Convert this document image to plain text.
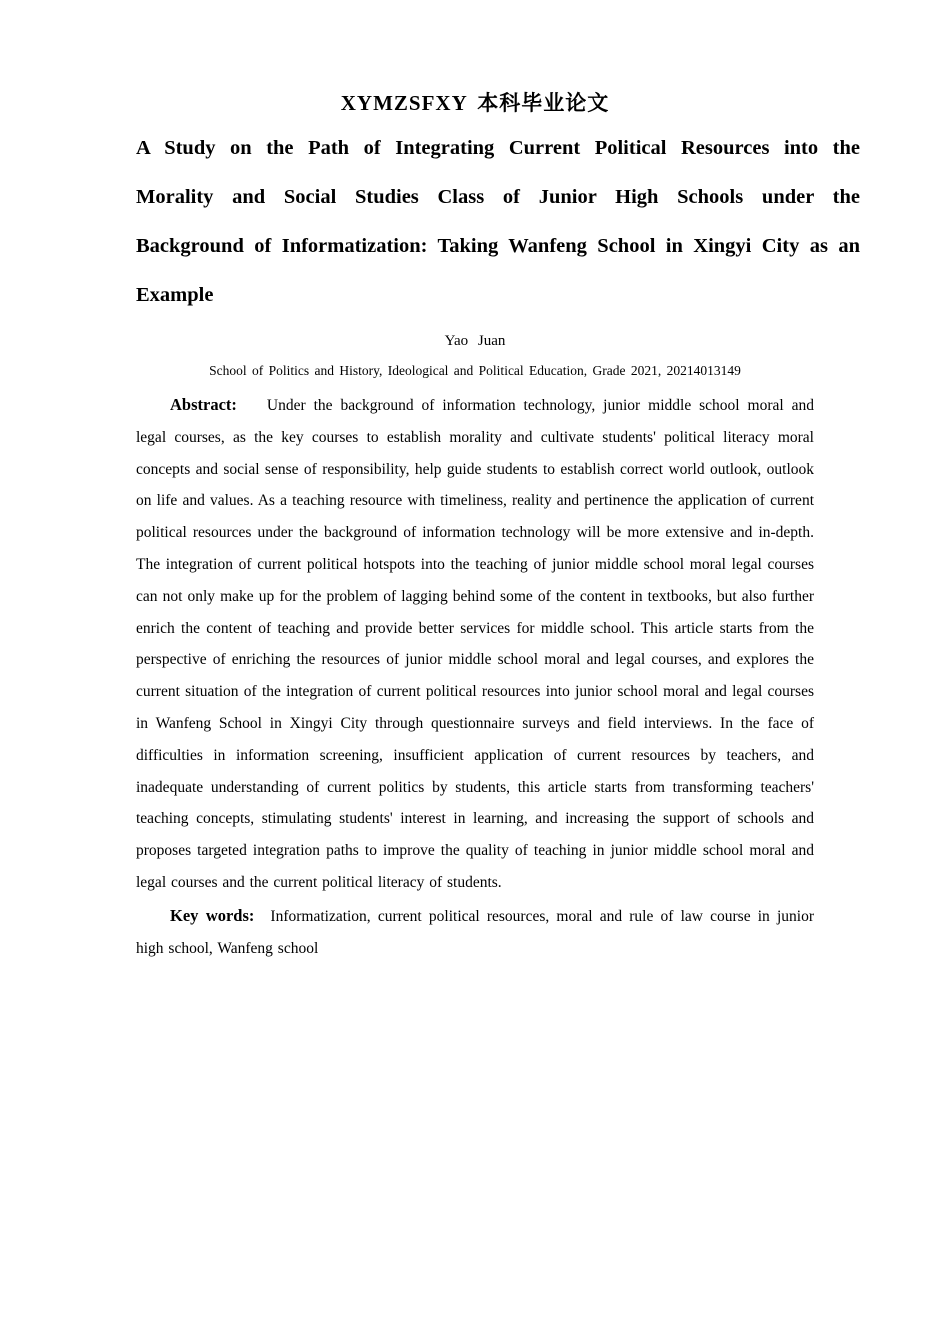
XYMZSFXY 本科毕业论文
A Study on the Path of Integrating Current Political Resources into the Morality and Social Studies Class of Junior High Schools under the Background of Informatization: Taking Wanfeng School in Xingyi City as an Example
Yao Juan
School of Politics and History, Ideological and Political Education, Grade 2021, 20214013149

Abstract: Under the background of information technology, junior middle school moral and legal courses, as the key courses to establish morality and cultivate students' political literacy moral concepts and social sense of responsibility, help guide students to establish correct world outlook, outlook on life and values. As a teaching resource with timeliness, reality and pertinence the application of current political resources under the background of information technology will be more extensive and in-depth. The integration of current political hotspots into the teaching of junior middle school moral legal courses can not only make up for the problem of lagging behind some of the content in textbooks, but also further enrich the content of teaching and provide better services for middle school. This article starts from the perspective of enriching the resources of junior middle school moral and legal courses, and explores the current situation of the integration of current political resources into junior school moral and legal courses in Wanfeng School in Xingyi City through questionnaire surveys and field interviews. In the face of difficulties in information screening, insufficient application of current resources by teachers, and inadequate understanding of current politics by students, this article starts from transforming teachers' teaching concepts, stimulating students' interest in learning, and increasing the support of schools and proposes targeted integration paths to improve the quality of teaching in junior middle school moral and legal courses and the current political literacy of students.

Key words: Informatization, current political resources, moral and rule of law course in junior high school, Wanfeng school
